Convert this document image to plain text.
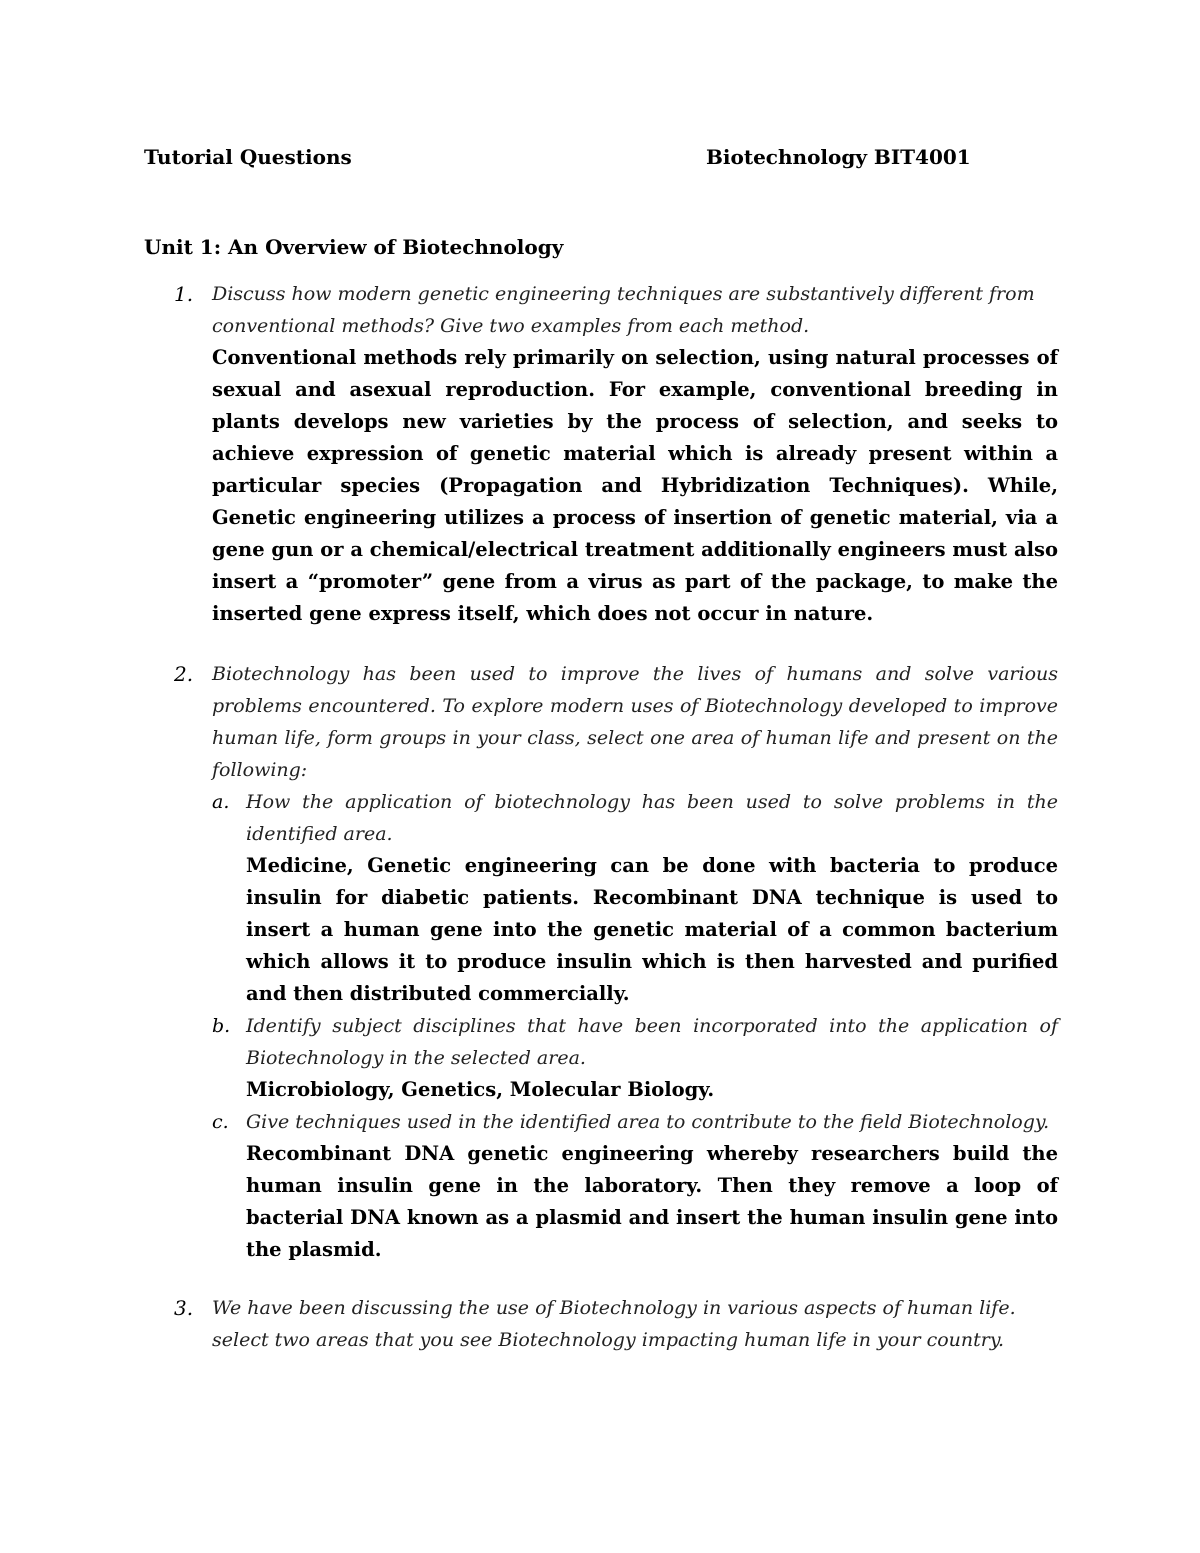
Tutorial Questions	Biotechnology BIT4001
Unit 1: An Overview of Biotechnology
1. Discuss how modern genetic engineering techniques are substantively different from conventional methods? Give two examples from each method.
Conventional methods rely primarily on selection, using natural processes of sexual and asexual reproduction. For example, conventional breeding in plants develops new varieties by the process of selection, and seeks to achieve expression of genetic material which is already present within a particular species (Propagation and Hybridization Techniques). While, Genetic engineering utilizes a process of insertion of genetic material, via a gene gun or a chemical/electrical treatment additionally engineers must also insert a “promoter” gene from a virus as part of the package, to make the inserted gene express itself, which does not occur in nature.
2. Biotechnology has been used to improve the lives of humans and solve various problems encountered. To explore modern uses of Biotechnology developed to improve human life, form groups in your class, select one area of human life and present on the following:
a. How the application of biotechnology has been used to solve problems in the identified area.
Medicine, Genetic engineering can be done with bacteria to produce insulin for diabetic patients. Recombinant DNA technique is used to insert a human gene into the genetic material of a common bacterium which allows it to produce insulin which is then harvested and purified and then distributed commercially.
b. Identify subject disciplines that have been incorporated into the application of Biotechnology in the selected area.
Microbiology, Genetics, Molecular Biology.
c. Give techniques used in the identified area to contribute to the field Biotechnology.
Recombinant DNA genetic engineering whereby researchers build the human insulin gene in the laboratory. Then they remove a loop of bacterial DNA known as a plasmid and insert the human insulin gene into the plasmid.
3. We have been discussing the use of Biotechnology in various aspects of human life.
select two areas that you see Biotechnology impacting human life in your country.
